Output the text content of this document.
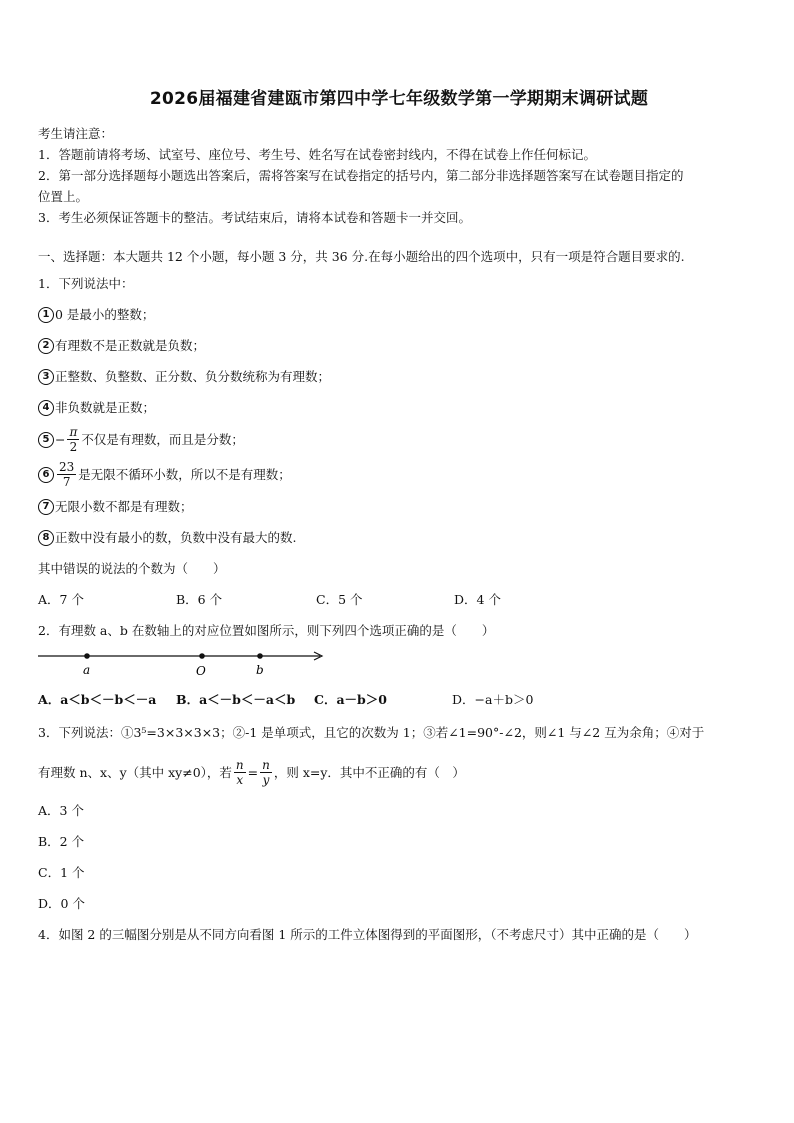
2026届福建省建瓯市第四中学七年级数学第一学期期末调研试题

考生请注意：

1．答题前请将考场、试室号、座位号、考生号、姓名写在试卷密封线内，不得在试卷上作任何标记。

2．第一部分选择题每小题选出答案后，需将答案写在试卷指定的括号内，第二部分非选择题答案写在试卷题目指定的

位置上。

3．考生必须保证答题卡的整洁。考试结束后，请将本试卷和答题卡一并交回。

一、选择题：本大题共 12 个小题，每小题 3 分，共 36 分.在每小题给出的四个选项中，只有一项是符合题目要求的.

1．下列说法中：

1 0 是最小的整数；
2 有理数不是正数就是负数；
3 正整数、负整数、正分数、负分数统称为有理数；
4 非负数就是正数；
$5 - \frac{\pi}{2}$ 不仅是有理数，而且是分数；
$6 \frac{23}{7}$ 是无限不循环小数，所以不是有理数；
7 无限小数不都是有理数；
8 正数中没有最小的数，负数中没有最大的数.

其中错误的说法的个数为（　　）

A．7 个	B．6 个	C．5 个	D．4 个

2．有理数 a、b 在数轴上的对应位置如图所示，则下列四个选项正确的是（　　）

a	O	b
A．a＜b＜－b＜－a	B．a＜－b＜－a＜b	C．a－b＞0	D．−a＋b＞0

3．下列说法：①3⁵=3×3×3×3；②-1 是单项式，且它的次数为 1；③若∠1=90°-∠2，则∠1 与∠2 互为余角；④对于

有理数 n、x、y（其中 xy≠0），若 $\frac{n}{x} = \frac{n}{y}$ ，则 x=y．其中不正确的有（　）

A．3 个

B．2 个

C．1 个

D．0 个

4．如图 2 的三幅图分别是从不同方向看图 1 所示的工件立体图得到的平面图形，（不考虑尺寸）其中正确的是（　　）
